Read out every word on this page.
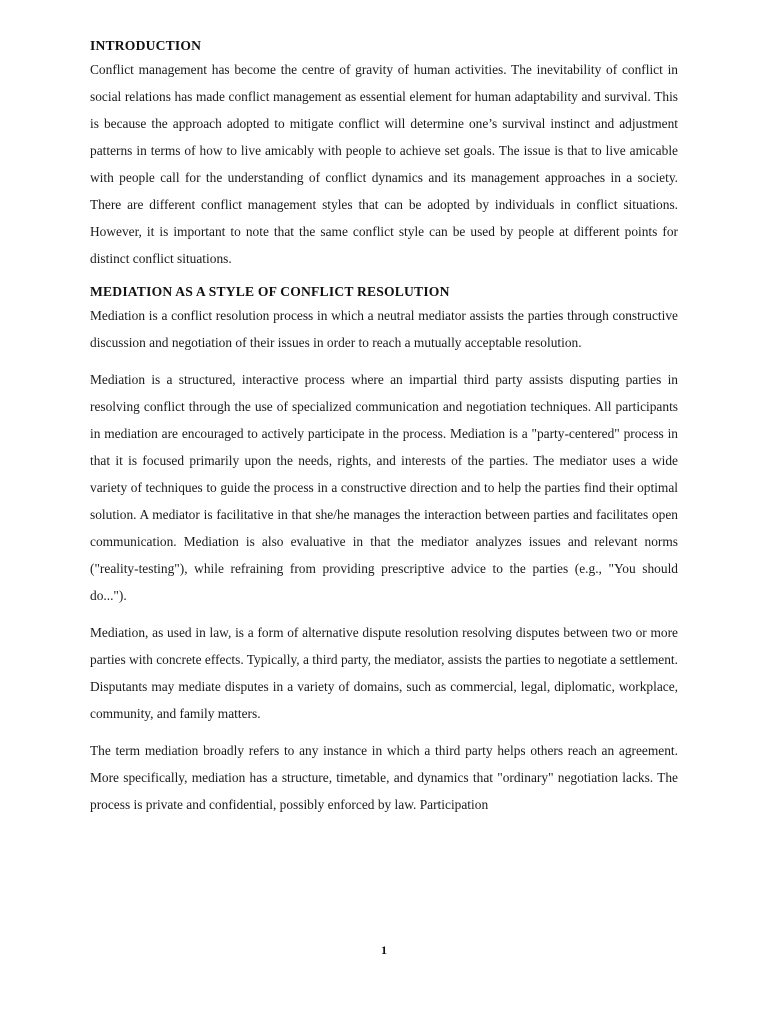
INTRODUCTION

Conflict management has become the centre of gravity of human activities. The inevitability of conflict in social relations has made conflict management as essential element for human adaptability and survival. This is because the approach adopted to mitigate conflict will determine one’s survival instinct and adjustment patterns in terms of how to live amicably with people to achieve set goals. The issue is that to live amicable with people call for the understanding of conflict dynamics and its management approaches in a society. There are different conflict management styles that can be adopted by individuals in conflict situations. However, it is important to note that the same conflict style can be used by people at different points for distinct conflict situations.

MEDIATION AS A STYLE OF CONFLICT RESOLUTION

Mediation is a conflict resolution process in which a neutral mediator assists the parties through constructive discussion and negotiation of their issues in order to reach a mutually acceptable resolution.

Mediation is a structured, interactive process where an impartial third party assists disputing parties in resolving conflict through the use of specialized communication and negotiation techniques. All participants in mediation are encouraged to actively participate in the process. Mediation is a "party-centered" process in that it is focused primarily upon the needs, rights, and interests of the parties. The mediator uses a wide variety of techniques to guide the process in a constructive direction and to help the parties find their optimal solution. A mediator is facilitative in that she/he manages the interaction between parties and facilitates open communication. Mediation is also evaluative in that the mediator analyzes issues and relevant norms ("reality-testing"), while refraining from providing prescriptive advice to the parties (e.g., "You should do...").

Mediation, as used in law, is a form of alternative dispute resolution resolving disputes between two or more parties with concrete effects. Typically, a third party, the mediator, assists the parties to negotiate a settlement. Disputants may mediate disputes in a variety of domains, such as commercial, legal, diplomatic, workplace, community, and family matters.

The term mediation broadly refers to any instance in which a third party helps others reach an agreement. More specifically, mediation has a structure, timetable, and dynamics that "ordinary" negotiation lacks. The process is private and confidential, possibly enforced by law. Participation

1
